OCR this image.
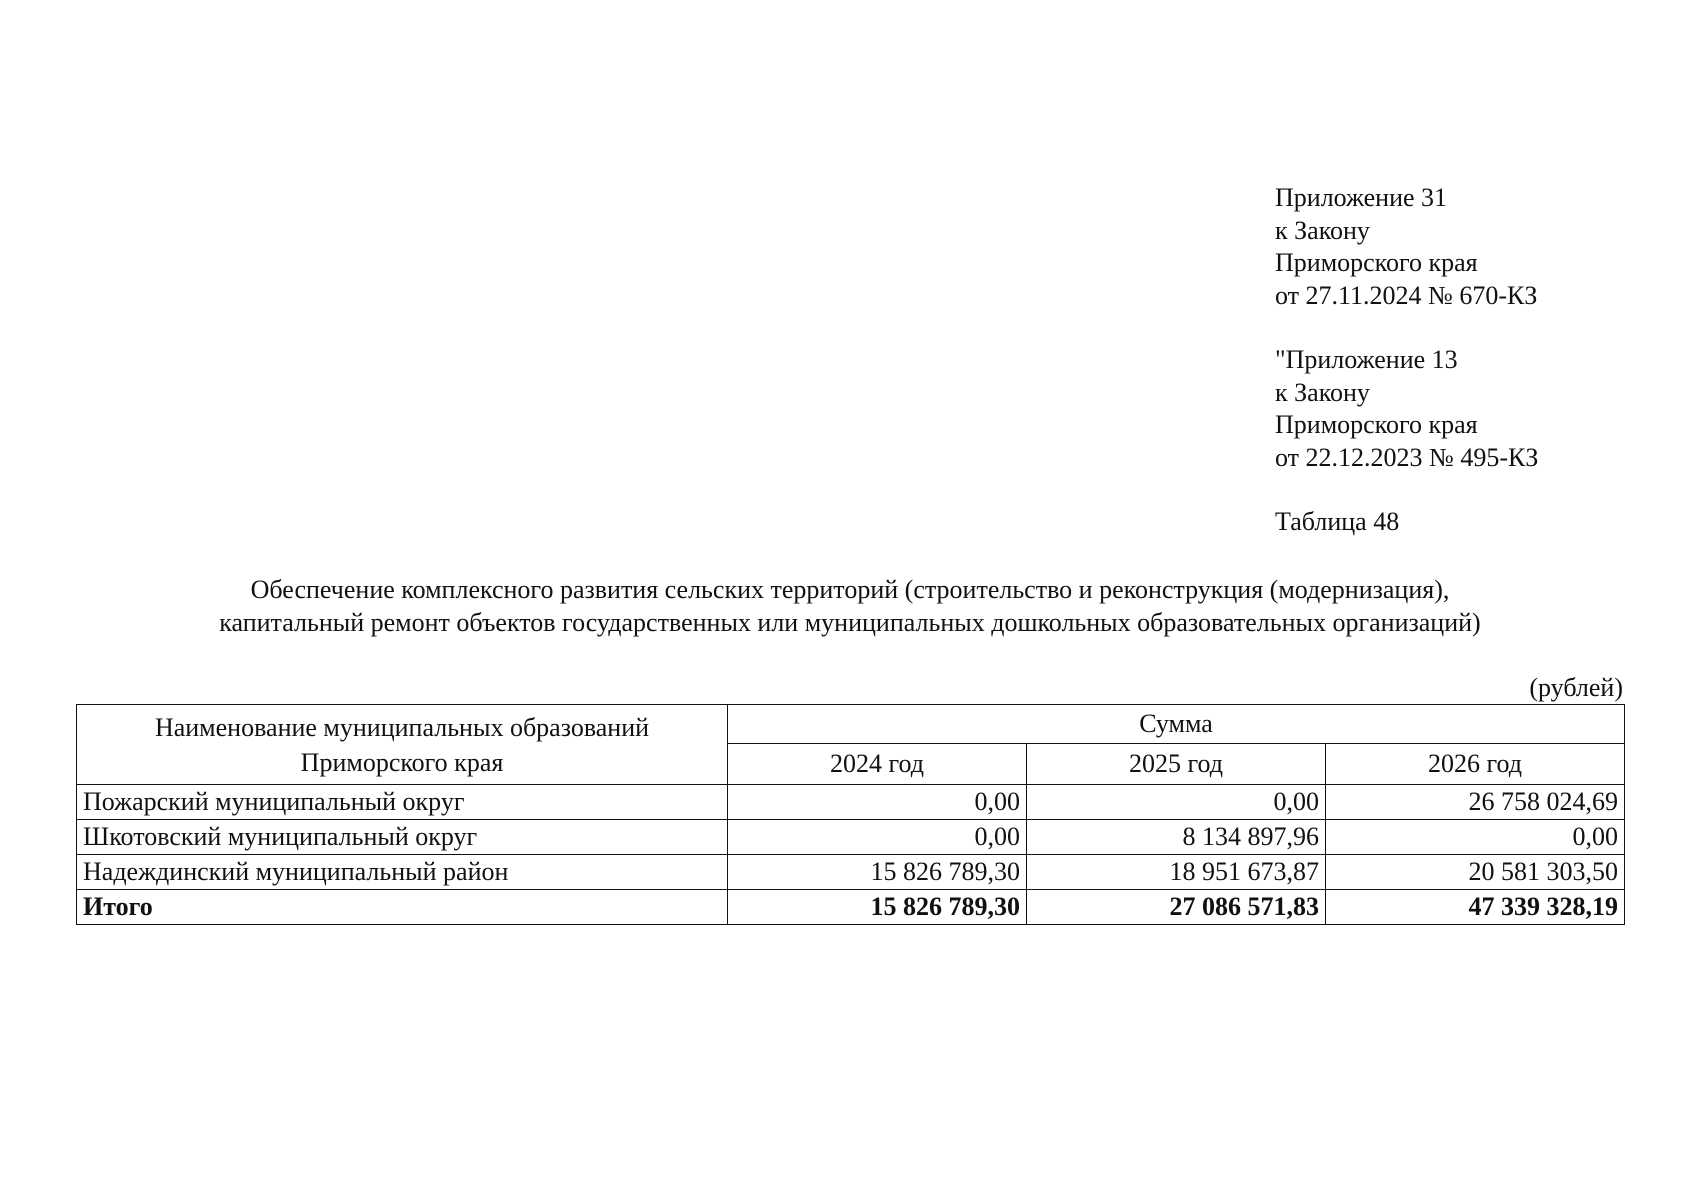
Приложение 31
к Закону
Приморского края
от 27.11.2024 № 670-КЗ
"Приложение 13
к Закону
Приморского края
от 22.12.2023 № 495-КЗ
Таблица 48
Обеспечение комплексного развития сельских территорий (строительство и реконструкция (модернизация),
капитальный ремонт объектов государственных или муниципальных дошкольных образовательных организаций)
(рублей)
Наименование муниципальных образований
Приморского края	Сумма		
	2024 год	2025 год	2026 год
Пожарский муниципальный округ	0,00	0,00	26 758 024,69
Шкотовский муниципальный округ	0,00	8 134 897,96	0,00
Надеждинский муниципальный район	15 826 789,30	18 951 673,87	20 581 303,50
Итого	15 826 789,30	27 086 571,83	47 339 328,19
